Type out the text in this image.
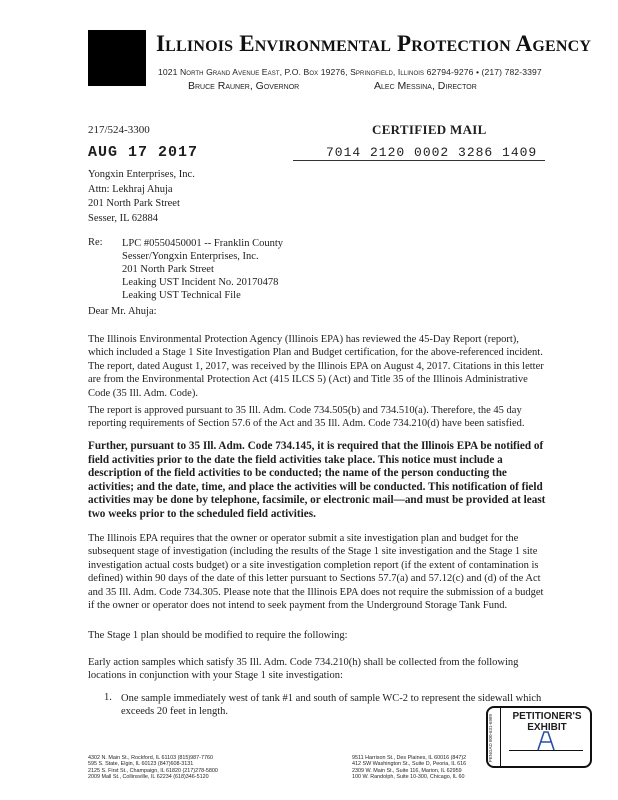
Illinois Environmental Protection Agency
1021 North Grand Avenue East, P.O. Box 19276, Springfield, Illinois 62794-9276 • (217) 782-3397
Bruce Rauner, Governor	Alec Messina, Director
217/524-3300	CERTIFIED MAIL
AUG 17 2017	7014 2120 0002 3286 1409
Yongxin Enterprises, Inc.
Attn: Lekhraj Ahuja
201 North Park Street
Sesser, IL 62884
Re: LPC #0550450001 -- Franklin County
Sesser/Yongxin Enterprises, Inc.
201 North Park Street
Leaking UST Incident No. 20170478
Leaking UST Technical File
Dear Mr. Ahuja:
The Illinois Environmental Protection Agency (Illinois EPA) has reviewed the 45-Day Report (report), which included a Stage 1 Site Investigation Plan and Budget certification, for the above-referenced incident. The report, dated August 1, 2017, was received by the Illinois EPA on August 4, 2017. Citations in this letter are from the Environmental Protection Act (415 ILCS 5) (Act) and Title 35 of the Illinois Administrative Code (35 Ill. Adm. Code).
The report is approved pursuant to 35 Ill. Adm. Code 734.505(b) and 734.510(a). Therefore, the 45 day reporting requirements of Section 57.6 of the Act and 35 Ill. Adm. Code 734.210(d) have been satisfied.
Further, pursuant to 35 Ill. Adm. Code 734.145, it is required that the Illinois EPA be notified of field activities prior to the date the field activities take place. This notice must include a description of the field activities to be conducted; the name of the person conducting the activities; and the date, time, and place the activities will be conducted. This notification of field activities may be done by telephone, facsimile, or electronic mail—and must be provided at least two weeks prior to the scheduled field activities.
The Illinois EPA requires that the owner or operator submit a site investigation plan and budget for the subsequent stage of investigation (including the results of the Stage 1 site investigation and the Stage 1 site investigation actual costs budget) or a site investigation completion report (if the extent of contamination is defined) within 90 days of the date of this letter pursuant to Sections 57.7(a) and 57.12(c) and (d) of the Act and 35 Ill. Adm. Code 734.305. Please note that the Illinois EPA does not require the submission of a budget if the owner or operator does not intend to seek payment from the Underground Storage Tank Fund.
The Stage 1 plan should be modified to require the following:
Early action samples which satisfy 35 Ill. Adm. Code 734.210(h) shall be collected from the following locations in conjunction with your Stage 1 site investigation:
1. One sample immediately west of tank #1 and south of sample WC-2 to represent the sidewall which exceeds 20 feet in length.
4302 N. Main St., Rockford, IL 61103 (815)987-7760
595 S. State, Elgin, IL 60123 (847)608-3131
2125 S. First St., Champaign, IL 61820 (217)278-5800
2009 Mall St., Collinsville, IL 62234 (618)346-5120
9511 Harrison St., Des Plaines, IL 60016 (847)2
412 SW Washington St., Suite D, Peoria, IL 616
2309 W. Main St., Suite 116, Marion, IL 62959
100 W. Randolph, Suite 10-300, Chicago, IL 60
PENGAD 800-631-6989	PETITIONER'S EXHIBIT
